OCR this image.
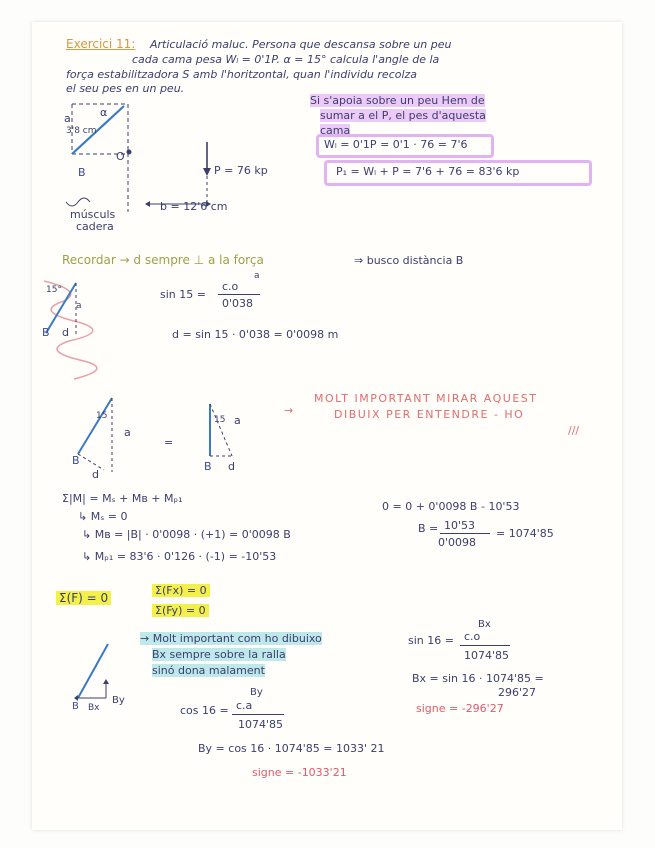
Exercici 11: Articulació maluc. Persona que descansa sobre un peu
cada cama pesa Wₗ = 0'1P. α = 15° calcula l'angle de la
força estabilitzadora S amb l'horitzontal, quan l'individu recolza
el seu pes en un peu.
3'8 cm
a	α
O
B	P = 76 kp
b = 12'6 cm
músculs
cadera
Si s'apoia sobre un peu Hem de
sumar a el P, el pes d'aquesta
cama
Wₗ = 0'1P = 0'1 · 76 = 7'6
P₁ = Wₗ + P = 7'6 + 76 = 83'6 kp
Recordar → d sempre ⊥ a la força	⇒ busco distància B
15°
a
B d
sin 15 =
c.o
a
0'038
d = sin 15 · 0'038 = 0'0098 m
15
a
B
d
=
15 a
B d
→
MOLT IMPORTANT MIRAR AQUEST
DIBUIX PER ENTENDRE - HO
///
Σ|M| = Mₛ + Mʙ + Mₚ₁
↳ Mₛ = 0
↳ Mʙ = |B| · 0'0098 · (+1) = 0'0098 B
↳ Mₚ₁ = 83'6 · 0'126 · (-1) = -10'53
0 = 0 + 0'0098 B - 10'53
B = 10'53
0'0098
= 1074'85
Σ(F) = 0
Σ(Fx) = 0
Σ(Fy) = 0
→ Molt important com ho dibuixo
Bx sempre sobre la ralla
sinó dona malament
B Bx
By
cos 16 =
By
c.a
1074'85
By = cos 16 · 1074'85 = 1033' 21
signe = -1033'21
sin 16 =
Bx
c.o
1074'85
Bx = sin 16 · 1074'85 =
296'27
signe = -296'27
